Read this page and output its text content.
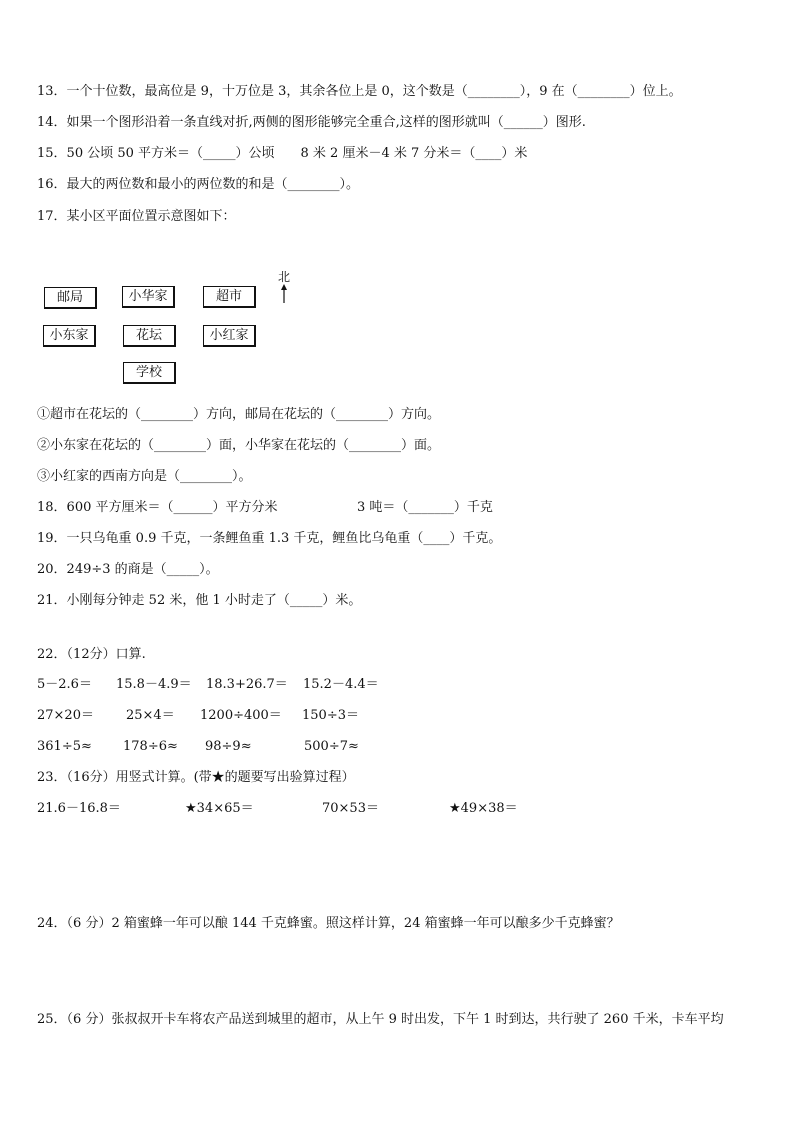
13．一个十位数，最高位是 9，十万位是 3，其余各位上是 0，这个数是（________），9 在（________）位上。
14．如果一个图形沿着一条直线对折,两侧的图形能够完全重合,这样的图形就叫（______）图形.
15．50 公顷 50 平方米＝（_____）公顷　　8 米 2 厘米－4 米 7 分米＝（____）米
16．最大的两位数和最小的两位数的和是（________）。
17．某小区平面位置示意图如下：
邮局	小华家	超市
小东家	花坛	小红家
学校
北
①超市在花坛的（________）方向，邮局在花坛的（________）方向。
②小东家在花坛的（________）面，小华家在花坛的（________）面。
③小红家的西南方向是（________）。
18．600 平方厘米＝（______）平方分米	3 吨＝（_______）千克
19．一只乌龟重 0.9 千克，一条鲤鱼重 1.3 千克，鲤鱼比乌龟重（____）千克。
20．249÷3 的商是（_____）。
21．小刚每分钟走 52 米，他 1 小时走了（_____）米。
22．（12分）口算.
5－2.6＝ 15.8－4.9＝ 18.3+26.7＝ 15.2－4.4＝
27×20＝ 25×4＝ 1200÷400＝ 150÷3＝
361÷5≈ 178÷6≈ 98÷9≈	500÷7≈
23．（16分）用竖式计算。(带★的题要写出验算过程）
21.6－16.8＝	★34×65＝	70×53＝	★49×38＝
24．（6 分）2 箱蜜蜂一年可以酿 144 千克蜂蜜。照这样计算，24 箱蜜蜂一年可以酿多少千克蜂蜜？
25．（6 分）张叔叔开卡车将农产品送到城里的超市，从上午 9 时出发，下午 1 时到达，共行驶了 260 千米，卡车平均
